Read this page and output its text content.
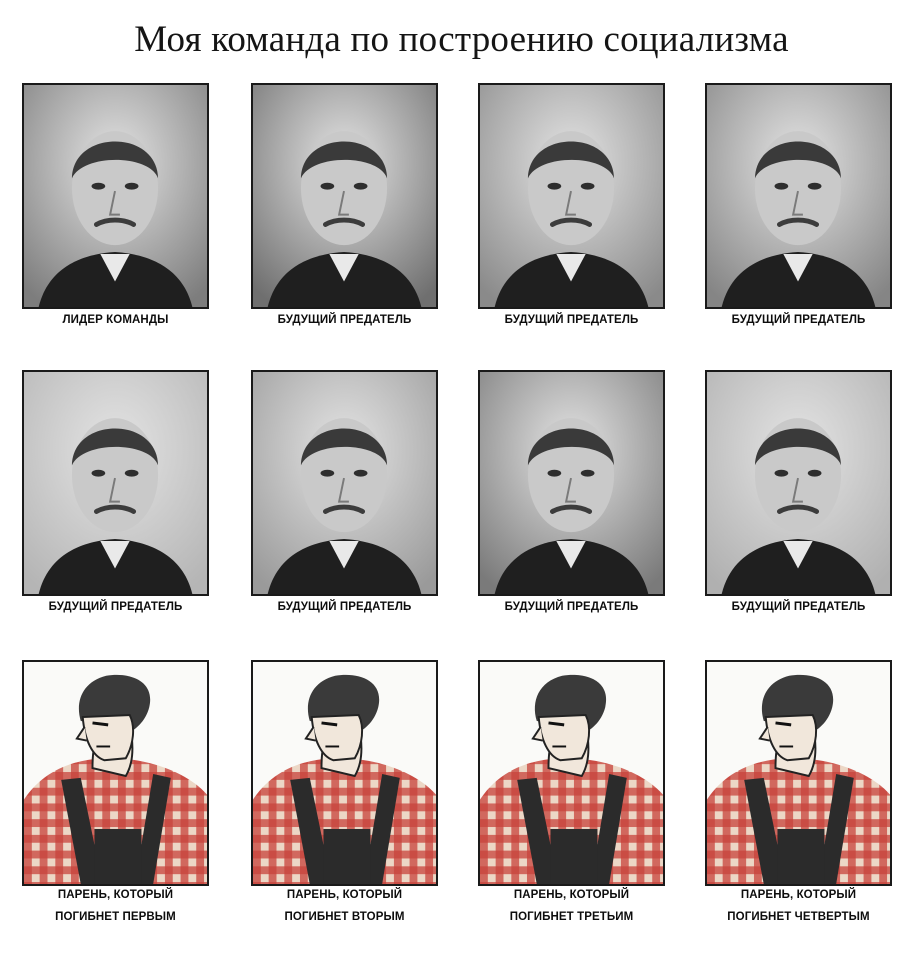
Моя команда по построению социализма
ЛИДЕР КОМАНДЫ	БУДУЩИЙ ПРЕДАТЕЛЬ	БУДУЩИЙ ПРЕДАТЕЛЬ	БУДУЩИЙ ПРЕДАТЕЛЬ
БУДУЩИЙ ПРЕДАТЕЛЬ	БУДУЩИЙ ПРЕДАТЕЛЬ	БУДУЩИЙ ПРЕДАТЕЛЬ	БУДУЩИЙ ПРЕДАТЕЛЬ
ПАРЕНЬ, КОТОРЫЙ
ПОГИБНЕТ ПЕРВЫМ
ПАРЕНЬ, КОТОРЫЙ
ПОГИБНЕТ ВТОРЫМ
ПАРЕНЬ, КОТОРЫЙ
ПОГИБНЕТ ТРЕТЬИМ
ПАРЕНЬ, КОТОРЫЙ
ПОГИБНЕТ ЧЕТВЕРТЫМ
